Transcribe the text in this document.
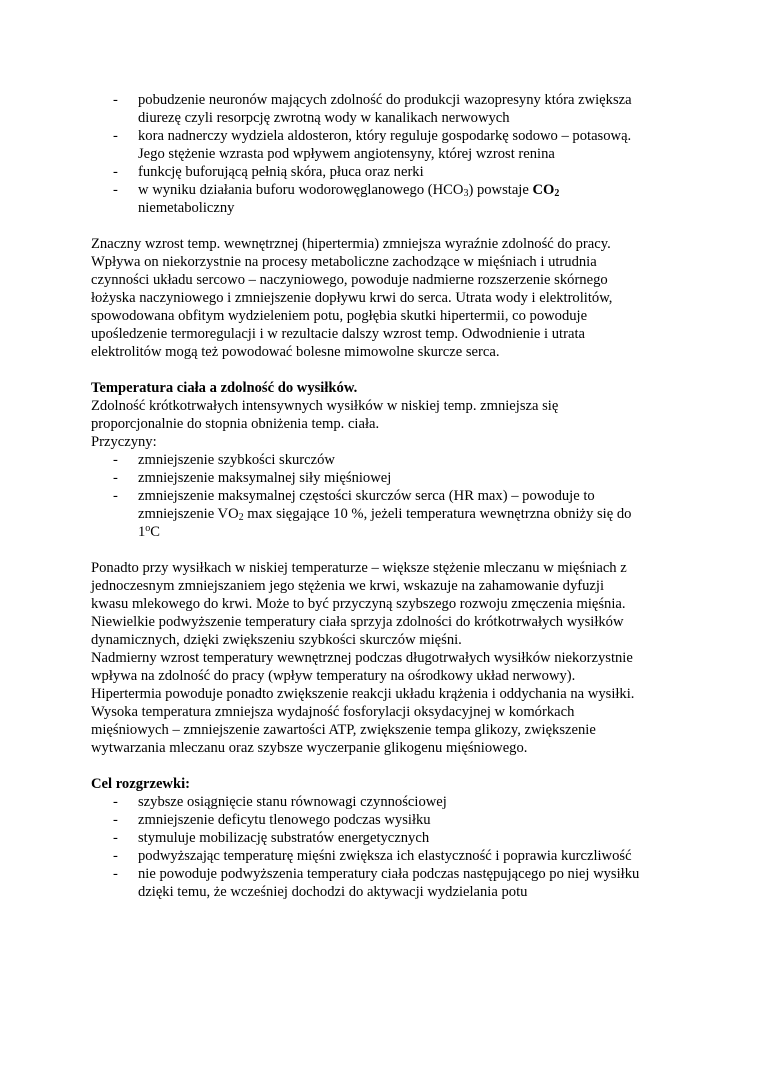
- pobudzenie neuronów mających zdolność do produkcji wazopresyny która zwiększa
diurezę czyli resorpcję zwrotną wody w kanalikach nerwowych
- kora nadnerczy wydziela aldosteron, który reguluje gospodarkę sodowo – potasową.
Jego stężenie wzrasta pod wpływem angiotensyny, której wzrost renina
- funkcję buforującą pełnią skóra, płuca oraz nerki
- w wyniku działania buforu wodorowęglanowego $(HCO_3)$ powstaje $CO_2$
niemetaboliczny
Znaczny wzrost temp. wewnętrznej (hipertermia) zmniejsza wyraźnie zdolność do pracy.
Wpływa on niekorzystnie na procesy metaboliczne zachodzące w mięśniach i utrudnia
czynności układu sercowo – naczyniowego, powoduje nadmierne rozszerzenie skórnego
łożyska naczyniowego i zmniejszenie dopływu krwi do serca. Utrata wody i elektrolitów,
spowodowana obfitym wydzieleniem potu, pogłębia skutki hipertermii, co powoduje
upośledzenie termoregulacji i w rezultacie dalszy wzrost temp. Odwodnienie i utrata
elektrolitów mogą też powodować bolesne mimowolne skurcze serca.
Temperatura ciała a zdolność do wysiłków.
Zdolność krótkotrwałych intensywnych wysiłków w niskiej temp. zmniejsza się
proporcjonalnie do stopnia obniżenia temp. ciała.
Przyczyny:
- zmniejszenie szybkości skurczów
- zmniejszenie maksymalnej siły mięśniowej
- zmniejszenie maksymalnej częstości skurczów serca (HR max) – powoduje to
zmniejszenie $VO_2$ max sięgające 10 %, jeżeli temperatura wewnętrzna obniży się do
1$^o$C
Ponadto przy wysiłkach w niskiej temperaturze – większe stężenie mleczanu w mięśniach z
jednoczesnym zmniejszaniem jego stężenia we krwi, wskazuje na zahamowanie dyfuzji
kwasu mlekowego do krwi. Może to być przyczyną szybszego rozwoju zmęczenia mięśnia.
Niewielkie podwyższenie temperatury ciała sprzyja zdolności do krótkotrwałych wysiłków
dynamicznych, dzięki zwiększeniu szybkości skurczów mięśni.
Nadmierny wzrost temperatury wewnętrznej podczas długotrwałych wysiłków niekorzystnie
wpływa na zdolność do pracy (wpływ temperatury na ośrodkowy układ nerwowy).
Hipertermia powoduje ponadto zwiększenie reakcji układu krążenia i oddychania na wysiłki.
Wysoka temperatura zmniejsza wydajność fosforylacji oksydacyjnej w komórkach
mięśniowych – zmniejszenie zawartości ATP, zwiększenie tempa glikozy, zwiększenie
wytwarzania mleczanu oraz szybsze wyczerpanie glikogenu mięśniowego.
Cel rozgrzewki:
- szybsze osiągnięcie stanu równowagi czynnościowej
- zmniejszenie deficytu tlenowego podczas wysiłku
- stymuluje mobilizację substratów energetycznych
- podwyższając temperaturę mięśni zwiększa ich elastyczność i poprawia kurczliwość
- nie powoduje podwyższenia temperatury ciała podczas następującego po niej wysiłku
dzięki temu, że wcześniej dochodzi do aktywacji wydzielania potu
